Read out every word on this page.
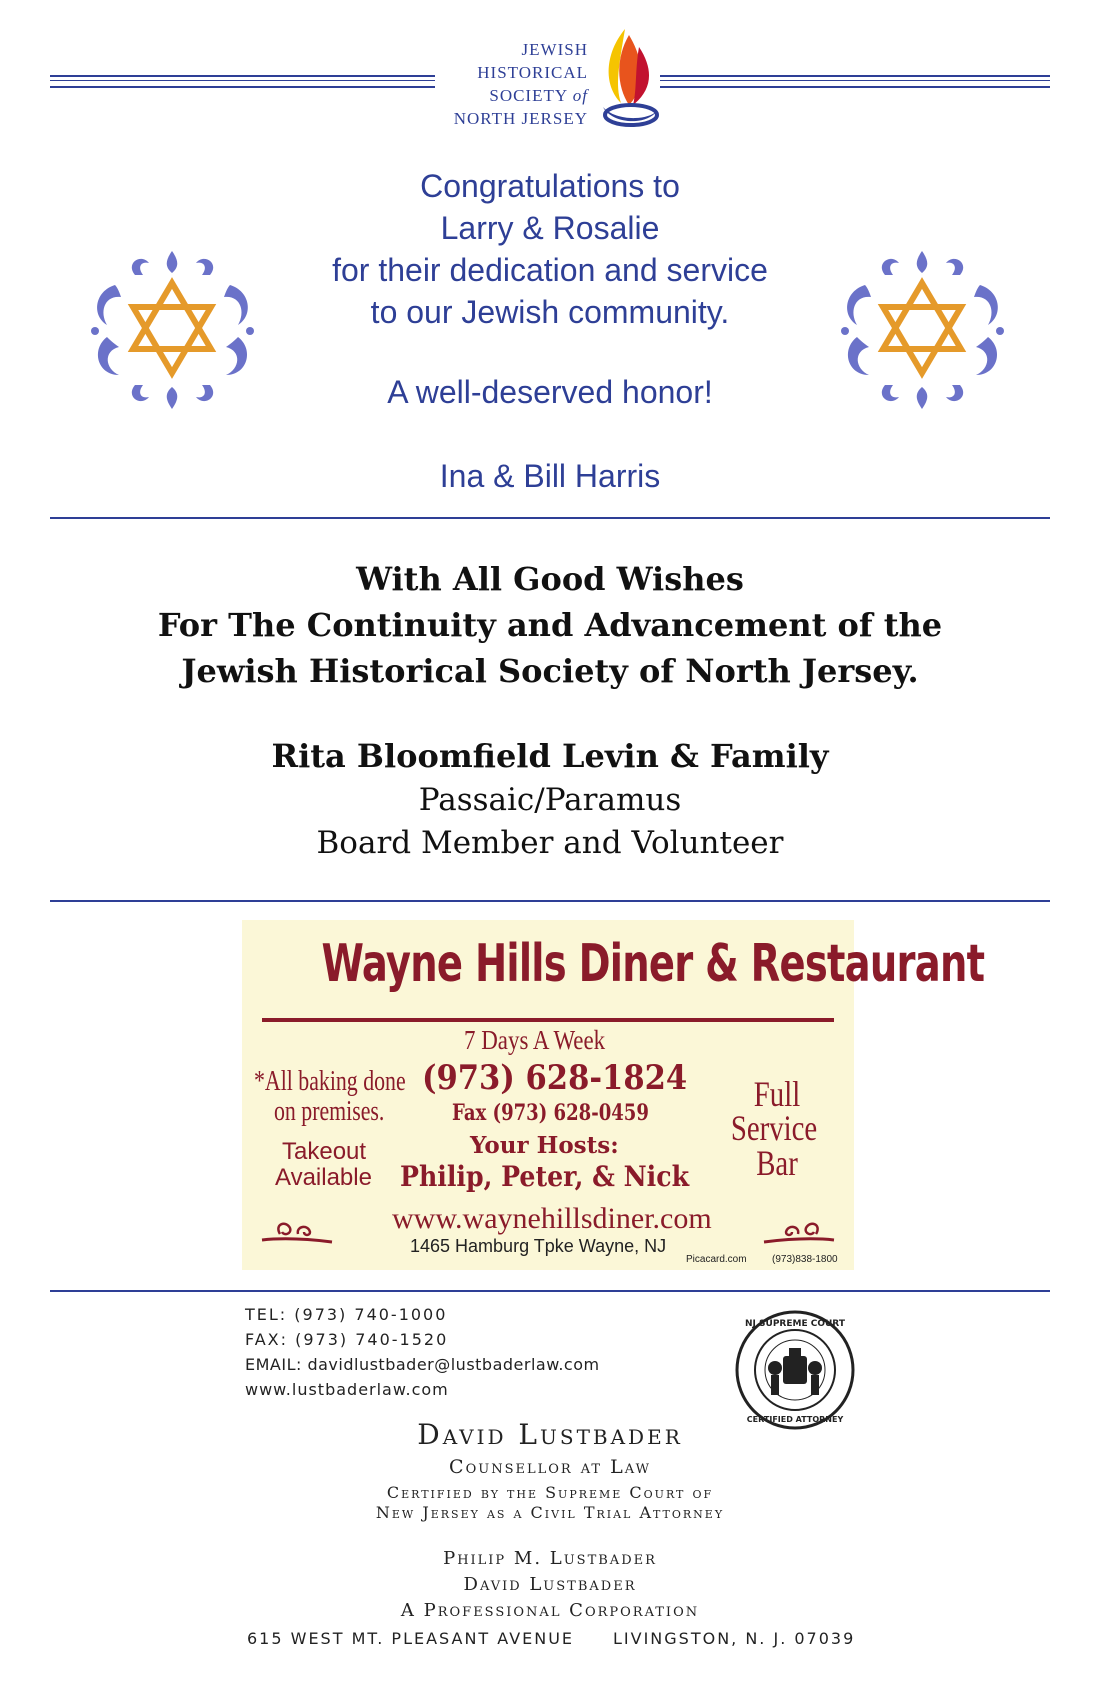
JEWISH
HISTORICAL
SOCIETY of
NORTH JERSEY
Congratulations to
Larry & Rosalie
for their dedication and service
to our Jewish community.
A well-deserved honor!
Ina & Bill Harris
With All Good Wishes
For The Continuity and Advancement of the
Jewish Historical Society of North Jersey.
Rita Bloomfield Levin & Family
Passaic/Paramus
Board Member and Volunteer
Wayne Hills Diner & Restaurant
7 Days A Week
*All baking done
on premises.
(973) 628-1824
Fax (973) 628-0459	Full
Service
Bar
Takeout
Available
Your Hosts:
Philip, Peter, & Nick
www.waynehillsdiner.com
1465 Hamburg Tpke Wayne, NJ
Picacard.com	(973)838-1800
TEL: (973) 740-1000
FAX: (973) 740-1520
EMAIL: davidlustbader@lustbaderlaw.com
www.lustbaderlaw.com
NJ SUPREME COURT
CERTIFIED ATTORNEY
David Lustbader
Counsellor at Law
Certified by the Supreme Court of
New Jersey as a Civil Trial Attorney
Philip M. Lustbader
David Lustbader
A Professional Corporation
615 WEST MT. PLEASANT AVENUE LIVINGSTON, N. J. 07039
